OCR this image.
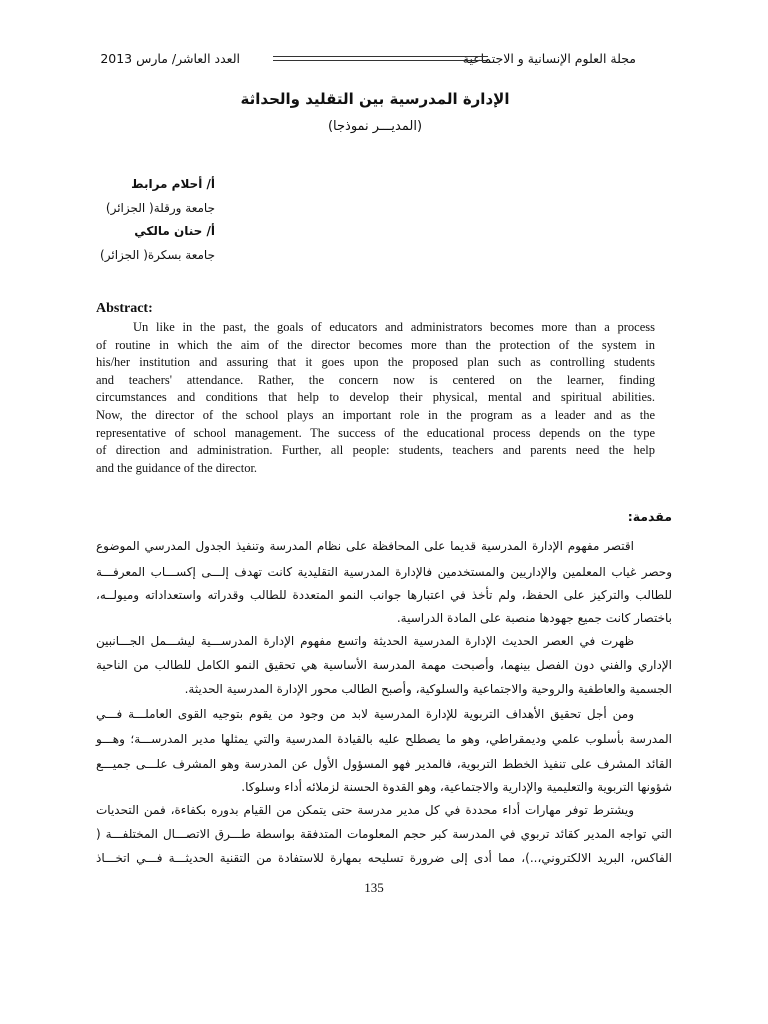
مجلة العلوم الإنسانية و الاجتماعية
العدد العاشر/ مارس 2013
الإدارة المدرسية بين التقليد والحداثة
(المديـــر نموذجا)
أ/ أحلام مرابط
جامعة ورقلة( الجزائر)
أ/ حنان مالكي
جامعة بسكرة( الجزائر)
Abstract:
Un like in the past, the goals of educators and administrators becomes more than a process
of routine in which the aim of the director becomes more than the protection of the system in
his/her institution and assuring that it goes upon the proposed plan such as controlling students
and teachers' attendance. Rather, the concern now is centered on the learner, finding
circumstances and conditions that help to develop their physical, mental and spiritual abilities.
Now, the director of the school plays an important role in the program as a leader and as the
representative of school management. The success of the educational process depends on the type
of direction and administration. Further, all people: students, teachers and parents need the help
and the guidance of the director.
مقدمة:
اقتصر مفهوم الإدارة المدرسية قديما على المحافظة على نظام المدرسة وتنفيذ الجدول المدرسي الموضوع
وحصر غياب المعلمين والإداريين والمستخدمين فالإدارة المدرسية التقليدية كانت تهدف إلـــى إكســـاب المعرفـــة
للطالب والتركيز على الحفظ، ولم تأخذ في اعتبارها جوانب النمو المتعددة للطالب وقدراته واستعداداته وميولــه،
باختصار كانت جميع جهودها منصبة على المادة الدراسية.
ظهرت في العصر الحديث الإدارة المدرسية الحديثة واتسع مفهوم الإدارة المدرســـية ليشـــمل الجـــانبين
الإداري والفني دون الفصل بينهما، وأصبحت مهمة المدرسة الأساسية هي تحقيق النمو الكامل للطالب من الناحية
الجسمية والعاطفية والروحية والاجتماعية والسلوكية، وأصبح الطالب محور الإدارة المدرسية الحديثة.
ومن أجل تحقيق الأهداف التربوية للإدارة المدرسية لابد من وجود من يقوم بتوجيه القوى العاملـــة فـــي
المدرسة بأسلوب علمي وديمقراطي، وهو ما يصطلح عليه بالقيادة المدرسية والتي يمثلها مدير المدرســـة؛ وهـــو
القائد المشرف على تنفيذ الخطط التربوية، فالمدير فهو المسؤول الأول عن المدرسة وهو المشرف علـــى جميـــع
شؤونها التربوية والتعليمية والإدارية والاجتماعية، وهو القدوة الحسنة لزملائه أداء وسلوكا.
ويشترط توفر مهارات أداء محددة في كل مدير مدرسة حتى يتمكن من القيام بدوره بكفاءة، فمن التحديات
التي تواجه المدير كقائد تربوي في المدرسة كبر حجم المعلومات المتدفقة بواسطة طـــرق الاتصـــال المختلفـــة (
الفاكس، البريد الالكتروني،..)، مما أدى إلى ضرورة تسليحه بمهارة للاستفادة من التقنية الحديثـــة فـــي اتخـــاذ
135
